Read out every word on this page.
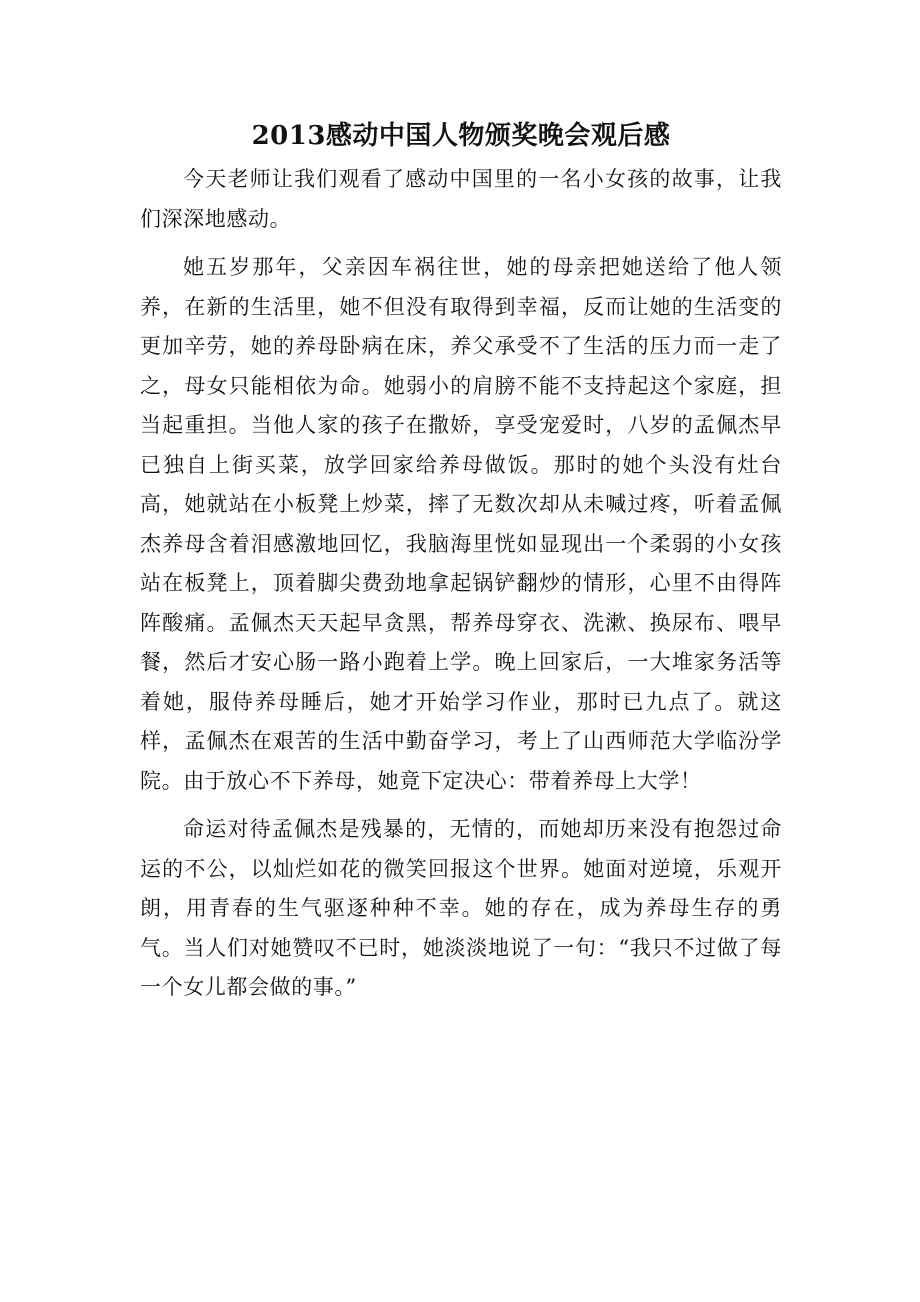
2013感动中国人物颁奖晚会观后感

今天老师让我们观看了感动中国里的一名小女孩的故事，让我们深深地感动。

她五岁那年，父亲因车祸往世，她的母亲把她送给了他人领养，在新的生活里，她不但没有取得到幸福，反而让她的生活变的更加辛劳，她的养母卧病在床，养父承受不了生活的压力而一走了之，母女只能相依为命。她弱小的肩膀不能不支持起这个家庭，担当起重担。当他人家的孩子在撒娇，享受宠爱时，八岁的孟佩杰早已独自上街买菜，放学回家给养母做饭。那时的她个头没有灶台高，她就站在小板凳上炒菜，摔了无数次却从未喊过疼，听着孟佩杰养母含着泪感激地回忆，我脑海里恍如显现出一个柔弱的小女孩站在板凳上，顶着脚尖费劲地拿起锅铲翻炒的情形，心里不由得阵阵酸痛。孟佩杰天天起早贪黑，帮养母穿衣、洗漱、换尿布、喂早餐，然后才安心肠一路小跑着上学。晚上回家后，一大堆家务活等着她，服侍养母睡后，她才开始学习作业，那时已九点了。就这样，孟佩杰在艰苦的生活中勤奋学习，考上了山西师范大学临汾学院。由于放心不下养母，她竟下定决心：带着养母上大学！

命运对待孟佩杰是残暴的，无情的，而她却历来没有抱怨过命运的不公，以灿烂如花的微笑回报这个世界。她面对逆境，乐观开朗，用青春的生气驱逐种种不幸。她的存在，成为养母生存的勇气。当人们对她赞叹不已时，她淡淡地说了一句：“我只不过做了每一个女儿都会做的事。”
